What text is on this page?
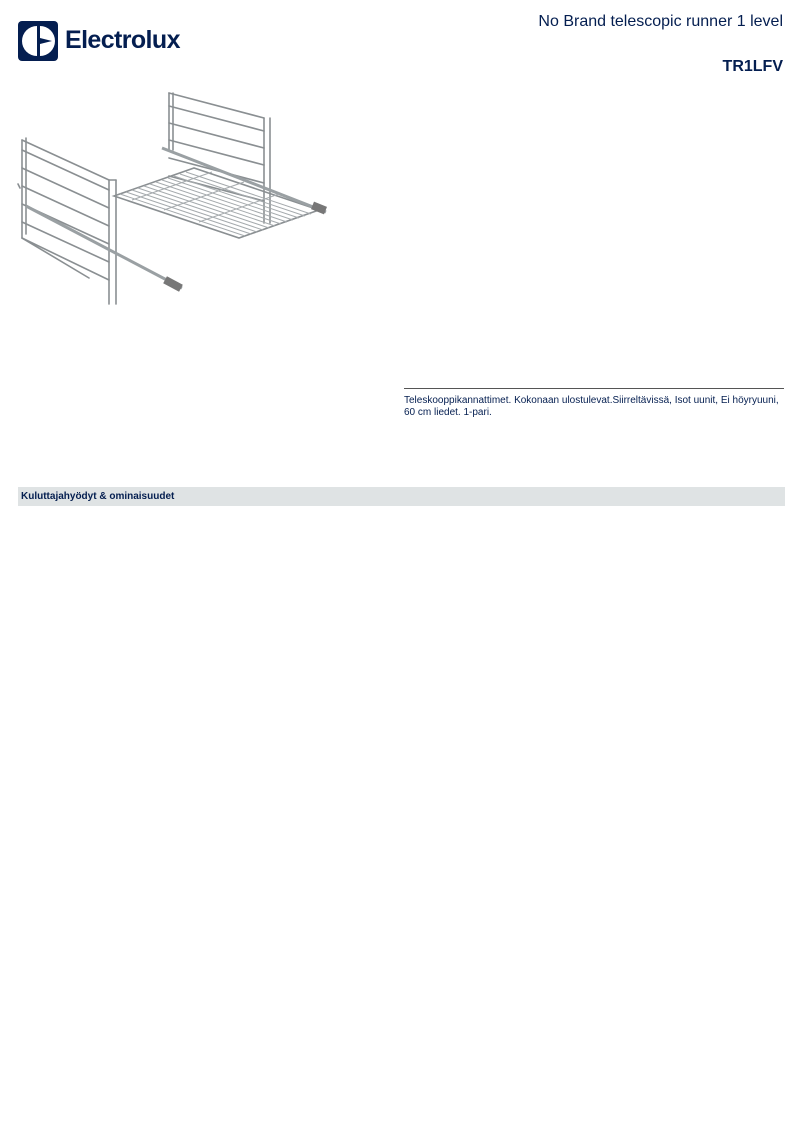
Electrolux
No Brand telescopic runner 1 level
TR1LFV
Teleskooppikannattimet. Kokonaan ulostulevat.Siirreltävissä, Isot uunit, Ei höyryuuni, 60 cm liedet. 1-pari.
Kuluttajahyödyt & ominaisuudet
